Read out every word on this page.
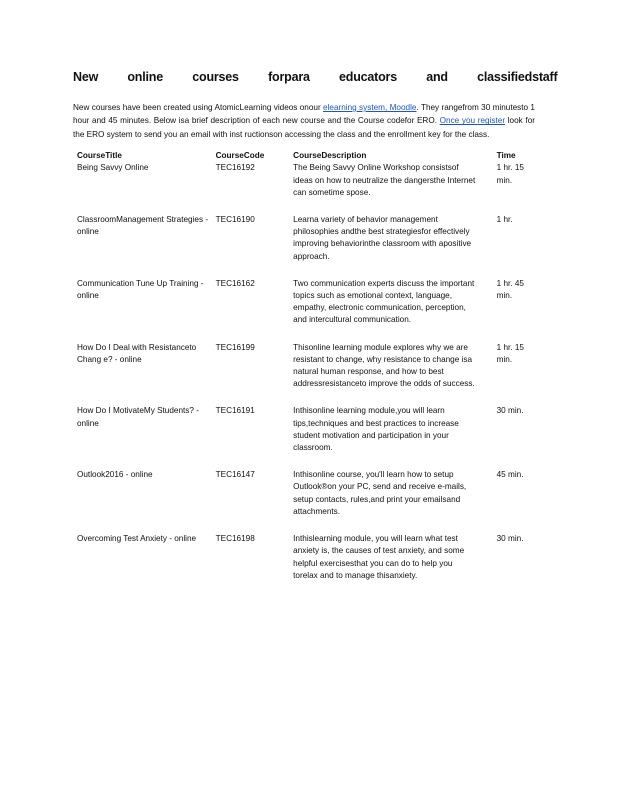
New online courses forpara educators and classifiedstaff
New courses have been created using AtomicLearning videos onour elearning system, Moodle. They rangefrom 30 minutesto 1 hour and 45 minutes. Below isa brief description of each new course and the Course codefor ERO. Once you register look for the ERO system to send you an email with inst ructionson accessing the class and the enrollment key for the class.
CourseTitle	CourseCode	CourseDescription	Time
Being Savvy Online	TEC16192	The Being Savvy Online Workshop consistsof ideas on how to neutralize the dangersthe Internet can sometime spose.	1 hr. 15 min.
ClassroomManagement Strategies - online	TEC16190	Learna variety of behavior management philosophies andthe best strategiesfor effectively improving behaviorinthe classroom with apositive approach.	1 hr.
Communication Tune Up Training - online	TEC16162	Two communication experts discuss the important topics such as emotional context, language, empathy, electronic communication, perception, and intercultural communication.	1 hr. 45 min.
How Do I Deal with Resistanceto Chang e? - online	TEC16199	Thisonline learning module explores why we are resistant to change, why resistance to change isa natural human response, and how to best addressresistanceto improve the odds of success.	1 hr. 15 min.
How Do I MotivateMy Students? - online	TEC16191	Inthisonline learning module,you will learn tips,techniques and best practices to increase student motivation and participation in your classroom.	30 min.
Outlook2016 - online	TEC16147	Inthisonline course, you'll learn how to setup Outlook®on your PC, send and receive e-mails, setup contacts, rules,and print your emailsand attachments.	45 min.
Overcoming Test Anxiety - online	TEC16198	Inthislearning module, you will learn what test anxiety is, the causes of test anxiety, and some helpful exercisesthat you can do to help you torelax and to manage thisanxiety.	30 min.
